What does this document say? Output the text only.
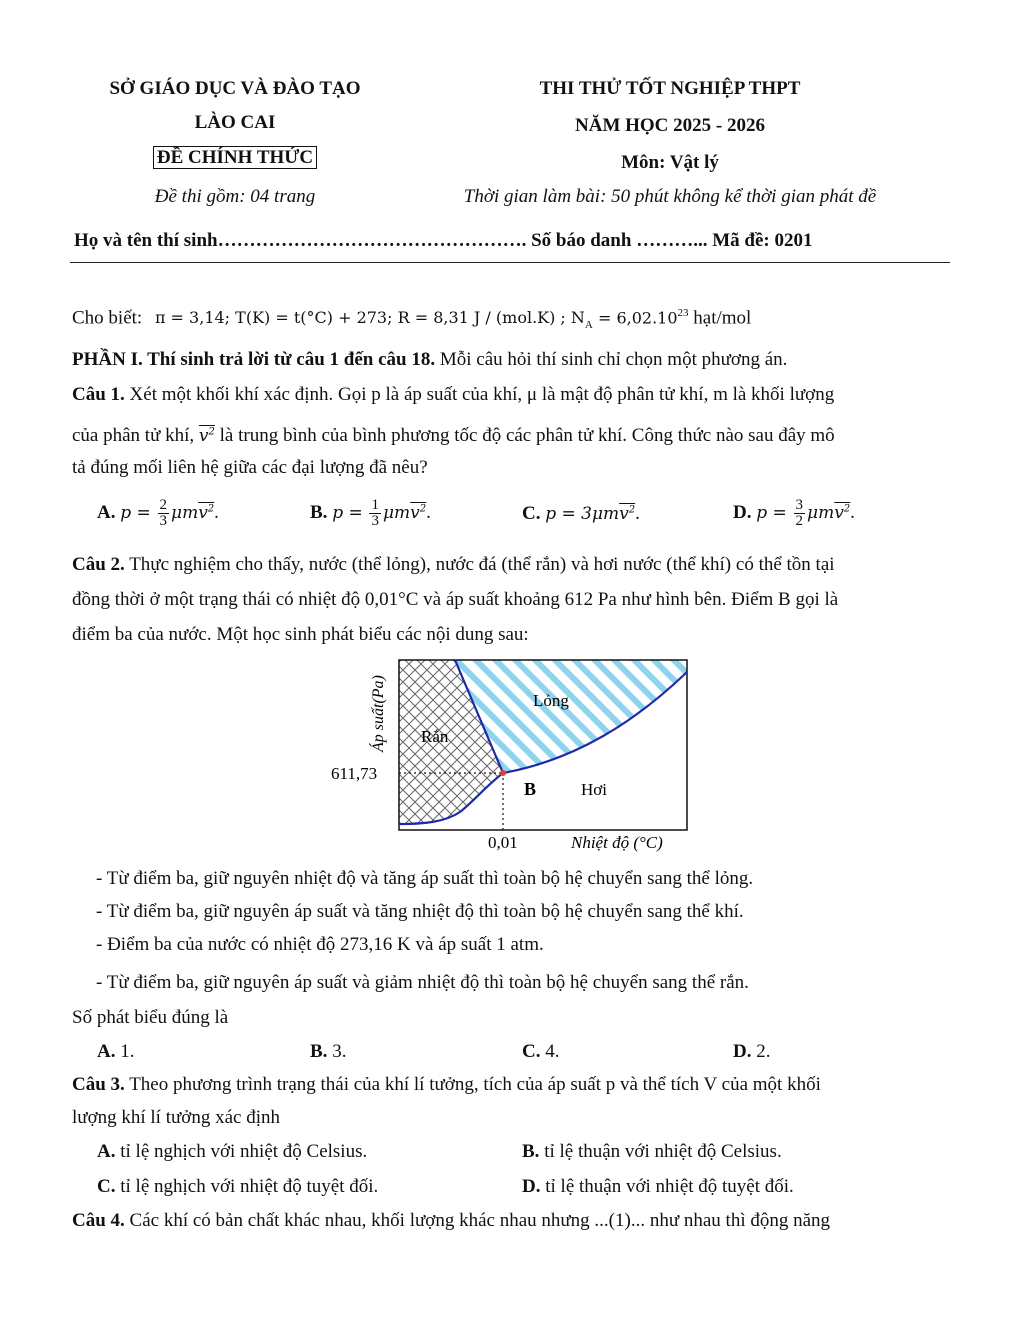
SỞ GIÁO DỤC VÀ ĐÀO TẠO
LÀO CAI
ĐỀ CHÍNH THỨC
Đề thi gồm: 04 trang
THI THỬ TỐT NGHIỆP THPT
NĂM HỌC 2025 - 2026
Môn: Vật lý
Thời gian làm bài: 50 phút không kể thời gian phát đề
Họ và tên thí sinh…………………………………………. Số báo danh ………... Mã đề: 0201
Cho biết: π = 3,14; T(K) = t(°C) + 273; R = 8,31 J / (mol.K) ; $N_A = 6,02.10^{23}$ hạt/mol
PHẦN I. Thí sinh trả lời từ câu 1 đến câu 18. Mỗi câu hỏi thí sinh chỉ chọn một phương án.
Câu 1. Xét một khối khí xác định. Gọi p là áp suất của khí, μ là mật độ phân tử khí, m là khối lượng
của phân tử khí, $v^2$ là trung bình của bình phương tốc độ các phân tử khí. Công thức nào sau đây mô
tả đúng mối liên hệ giữa các đại lượng đã nêu?
A. $p = \frac{2}{3} \mu mv^2$.	B. $p = \frac{1}{3} \mu mv^2$.	C. p = 3μmv$^2$.	D. $p = \frac{3}{2} \mu mv^2$.
Câu 2. Thực nghiệm cho thấy, nước (thể lỏng), nước đá (thể rắn) và hơi nước (thể khí) có thể tồn tại
đồng thời ở một trạng thái có nhiệt độ 0,01°C và áp suất khoảng 612 Pa như hình bên. Điểm B gọi là
điểm ba của nước. Một học sinh phát biểu các nội dung sau:
B
Rắn
Lỏng
Hơi
611,73
0,01	Nhiệt độ (°C)
Áp suất(Pa)
- Từ điểm ba, giữ nguyên nhiệt độ và tăng áp suất thì toàn bộ hệ chuyển sang thể lỏng.
- Từ điểm ba, giữ nguyên áp suất và tăng nhiệt độ thì toàn bộ hệ chuyển sang thể khí.
- Điểm ba của nước có nhiệt độ 273,16 K và áp suất 1 atm.
- Từ điểm ba, giữ nguyên áp suất và giảm nhiệt độ thì toàn bộ hệ chuyển sang thể rắn.
Số phát biểu đúng là
A. 1.	B. 3.	C. 4.	D. 2.
Câu 3. Theo phương trình trạng thái của khí lí tưởng, tích của áp suất p và thể tích V của một khối
lượng khí lí tưởng xác định
A. tỉ lệ nghịch với nhiệt độ Celsius.	B. tỉ lệ thuận với nhiệt độ Celsius.
C. tỉ lệ nghịch với nhiệt độ tuyệt đối.	D. tỉ lệ thuận với nhiệt độ tuyệt đối.
Câu 4. Các khí có bản chất khác nhau, khối lượng khác nhau nhưng ...(1)... như nhau thì động năng
